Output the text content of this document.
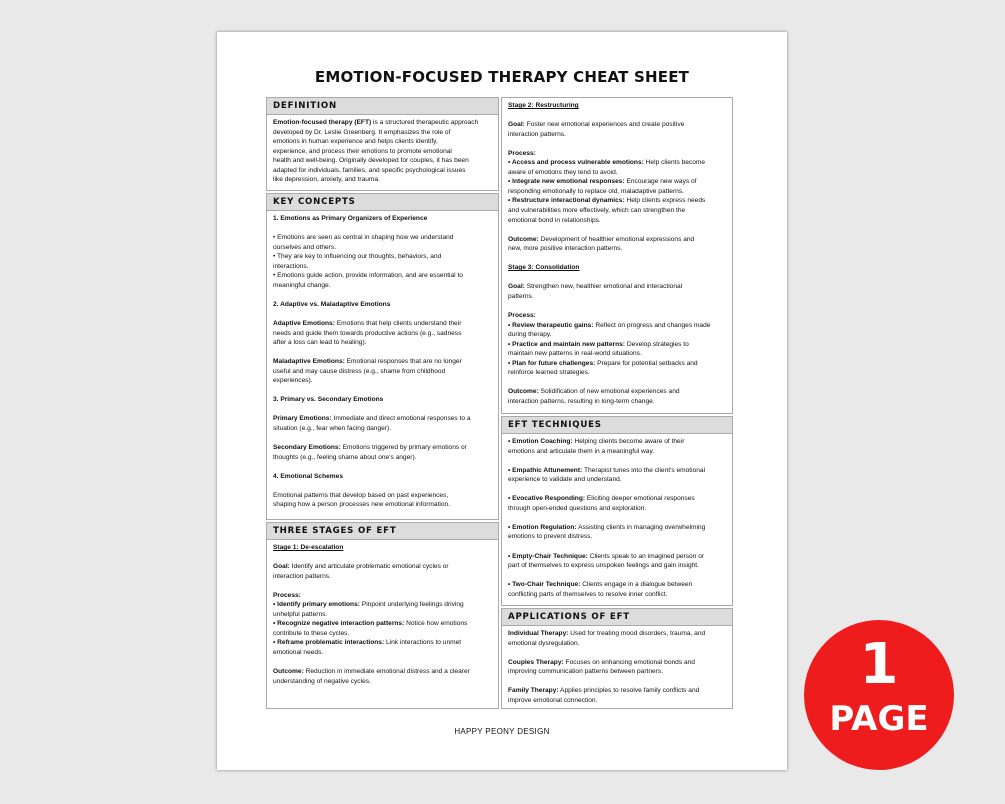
EMOTION-FOCUSED THERAPY CHEAT SHEET
DEFINITION

Emotion-focused therapy (EFT) is a structured therapeutic approach

developed by Dr. Leslie Greenberg. It emphasizes the role of

emotions in human experience and helps clients identify,

experience, and process their emotions to promote emotional

health and well-being. Originally developed for couples, it has been

adapted for individuals, families, and specific psychological issues

like depression, anxiety, and trauma.

KEY CONCEPTS

1. Emotions as Primary Organizers of Experience

• Emotions are seen as central in shaping how we understand

ourselves and others.

• They are key to influencing our thoughts, behaviors, and

interactions.

• Emotions guide action, provide information, and are essential to

meaningful change.

2. Adaptive vs. Maladaptive Emotions

Adaptive Emotions: Emotions that help clients understand their

needs and guide them towards productive actions (e.g., sadness

after a loss can lead to healing).

Maladaptive Emotions: Emotional responses that are no longer

useful and may cause distress (e.g., shame from childhood

experiences).

3. Primary vs. Secondary Emotions

Primary Emotions: Immediate and direct emotional responses to a

situation (e.g., fear when facing danger).

Secondary Emotions: Emotions triggered by primary emotions or

thoughts (e.g., feeling shame about one's anger).

4. Emotional Schemes

Emotional patterns that develop based on past experiences,

shaping how a person processes new emotional information.

THREE STAGES OF EFT

Stage 1: De-escalation

Goal: Identify and articulate problematic emotional cycles or

interaction patterns.

Process:

• Identify primary emotions: Pinpoint underlying feelings driving

unhelpful patterns.

• Recognize negative interaction patterns: Notice how emotions

contribute to these cycles.

• Reframe problematic interactions: Link interactions to unmet

emotional needs.

Outcome: Reduction in immediate emotional distress and a clearer

understanding of negative cycles.

Stage 2: Restructuring

Goal: Foster new emotional experiences and create positive

interaction patterns.

Process:

• Access and process vulnerable emotions: Help clients become

aware of emotions they tend to avoid.

• Integrate new emotional responses: Encourage new ways of

responding emotionally to replace old, maladaptive patterns.

• Restructure interactional dynamics: Help clients express needs

and vulnerabilities more effectively, which can strengthen the

emotional bond in relationships.

Outcome: Development of healthier emotional expressions and

new, more positive interaction patterns.

Stage 3: Consolidation

Goal: Strengthen new, healthier emotional and interactional

patterns.

Process:

• Review therapeutic gains: Reflect on progress and changes made

during therapy.

• Practice and maintain new patterns: Develop strategies to

maintain new patterns in real-world situations.

• Plan for future challenges: Prepare for potential setbacks and

reinforce learned strategies.

Outcome: Solidification of new emotional experiences and

interaction patterns, resulting in long-term change.

EFT TECHNIQUES

• Emotion Coaching: Helping clients become aware of their

emotions and articulate them in a meaningful way.

• Empathic Attunement: Therapist tunes into the client's emotional

experience to validate and understand.

• Evocative Responding: Eliciting deeper emotional responses

through open-ended questions and exploration.

• Emotion Regulation: Assisting clients in managing overwhelming

emotions to prevent distress.

• Empty-Chair Technique: Clients speak to an imagined person or

part of themselves to express unspoken feelings and gain insight.

• Two-Chair Technique: Clients engage in a dialogue between

conflicting parts of themselves to resolve inner conflict.

APPLICATIONS OF EFT

Individual Therapy: Used for treating mood disorders, trauma, and

emotional dysregulation.

Couples Therapy: Focuses on enhancing emotional bonds and

improving communication patterns between partners.

Family Therapy: Applies principles to resolve family conflicts and

improve emotional connection.

HAPPY PEONY DESIGN
1
PAGE
